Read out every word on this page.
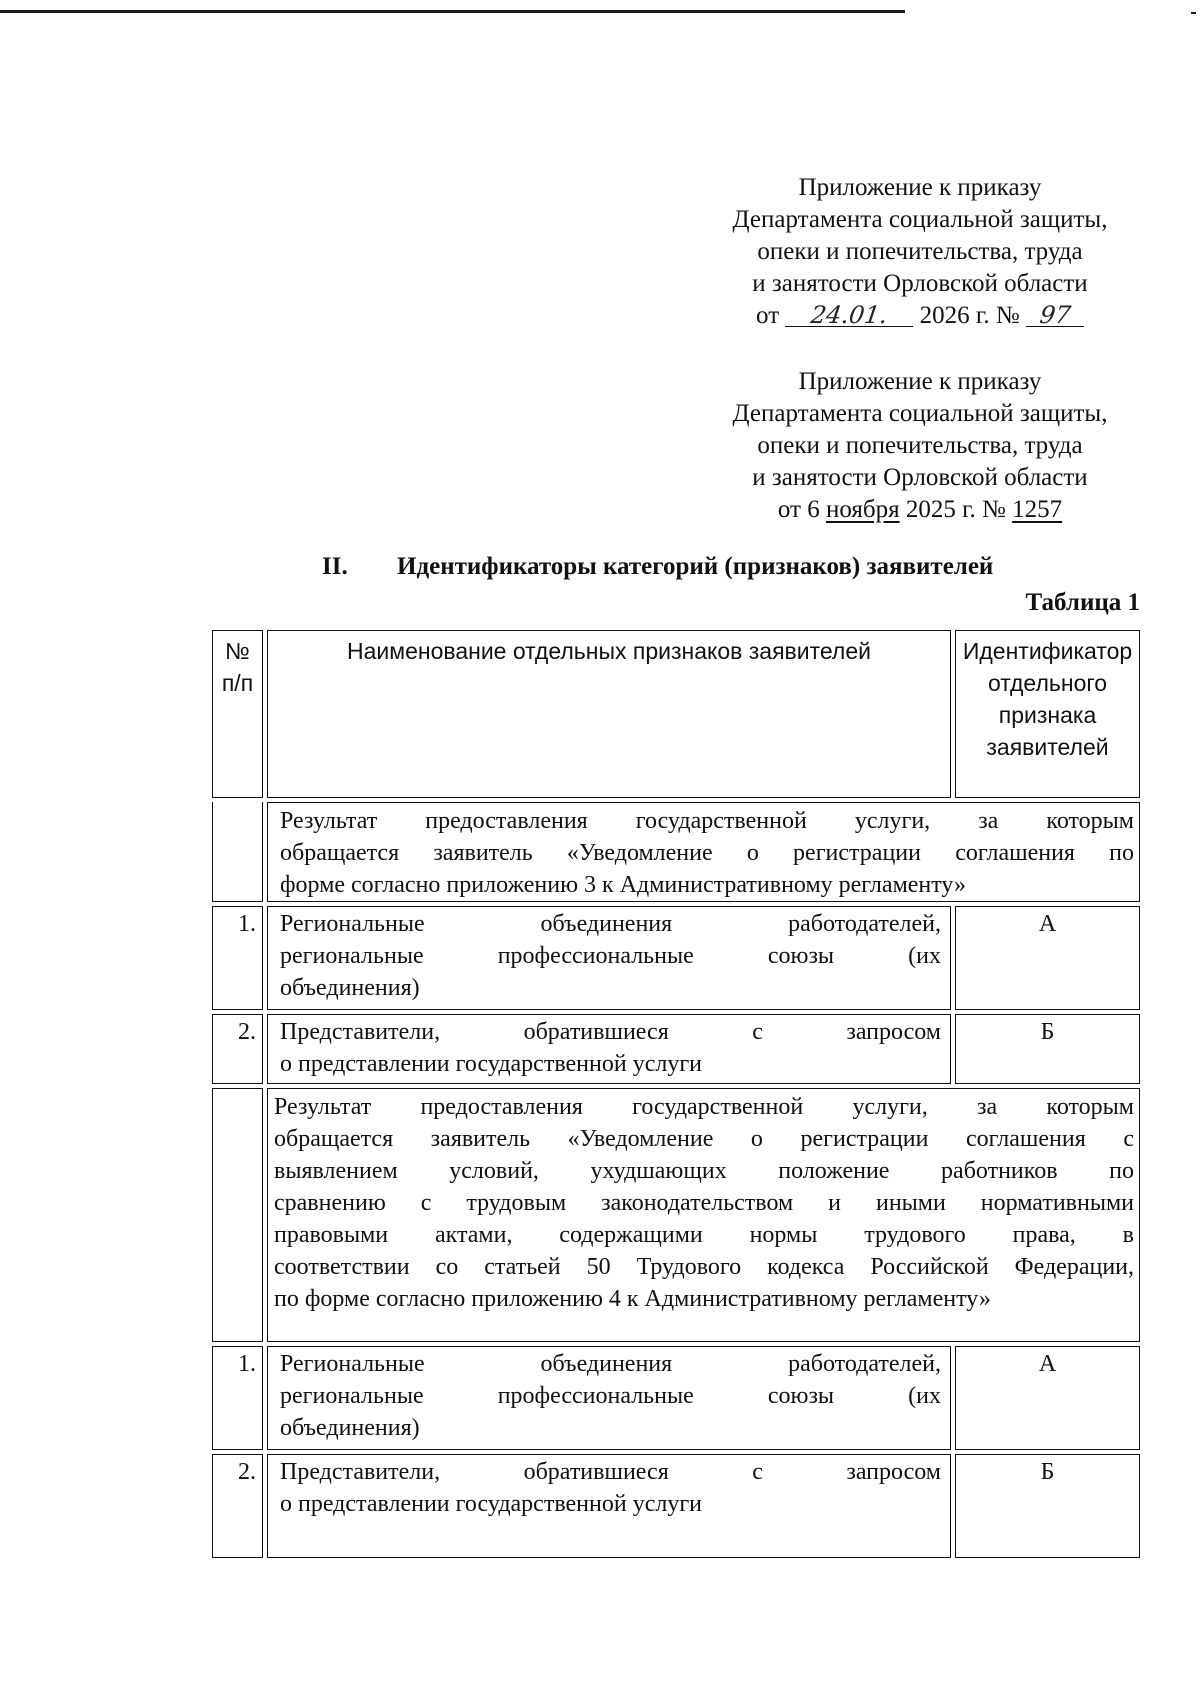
Приложение к приказу
Департамента социальной защиты,
опеки и попечительства, труда
и занятости Орловской области
от 24.01. 2026 г. № 97
Приложение к приказу
Департамента социальной защиты,
опеки и попечительства, труда
и занятости Орловской области
от 6 ноября 2025 г. № 1257
II. Идентификаторы категорий (признаков) заявителей
Таблица 1
№
п/п
Наименование отдельных признаков заявителей	Идентификатор
отдельного
признака
заявителей
Результат предоставления государственной услуги, за которым
обращается заявитель «Уведомление о регистрации соглашения по
форме согласно приложению 3 к Административному регламенту»
1. Региональные объединения работодателей,
региональные профессиональные союзы (их
объединения)
А
2. Представители, обратившиеся с запросом
о представлении государственной услуги
Б
Результат предоставления государственной услуги, за которым
обращается заявитель «Уведомление о регистрации соглашения с
выявлением условий, ухудшающих положение работников по
сравнению с трудовым законодательством и иными нормативными
правовыми актами, содержащими нормы трудового права, в
соответствии со статьей 50 Трудового кодекса Российской Федерации,
по форме согласно приложению 4 к Административному регламенту»
1. Региональные объединения работодателей,
региональные профессиональные союзы (их
объединения)
А
2. Представители, обратившиеся с запросом
о представлении государственной услуги
Б
